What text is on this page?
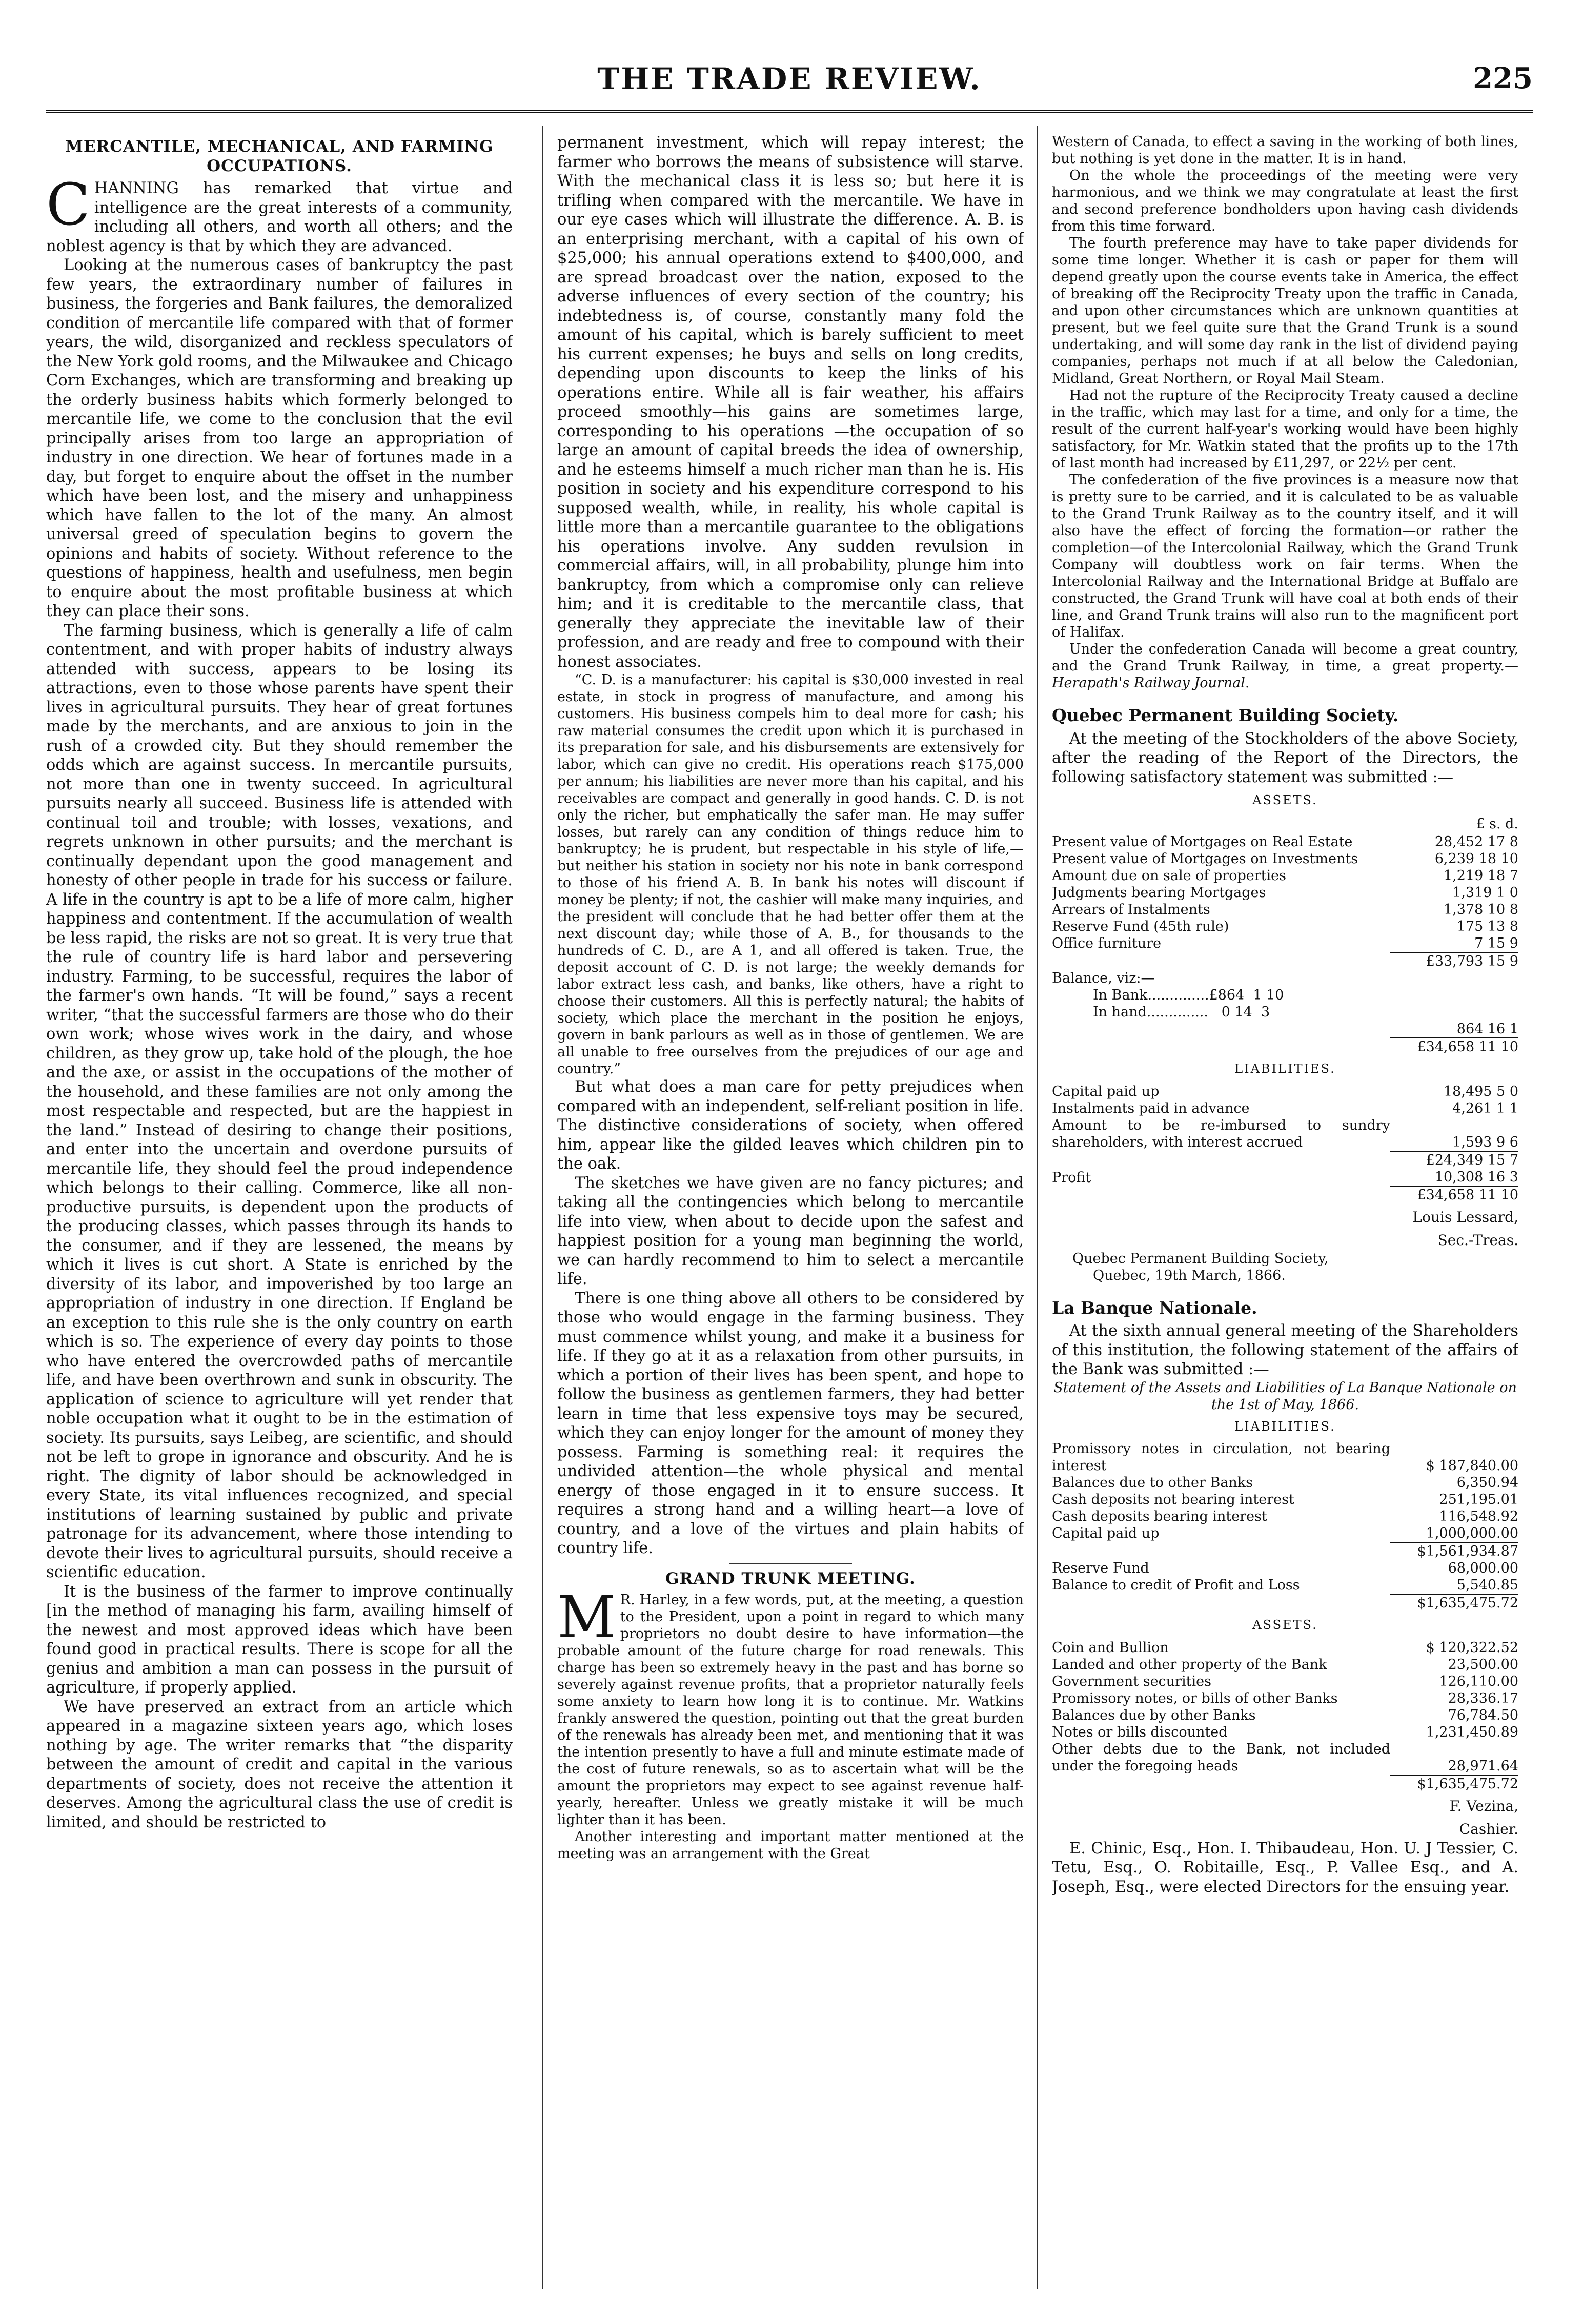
THE TRADE REVIEW.	225
MERCANTILE, MECHANICAL, AND FARMING OCCUPATIONS.

CHANNING has remarked that virtue and intelligence are the great interests of a community, including all others, and worth all others; and the noblest agency is that by which they are advanced.

Looking at the numerous cases of bankruptcy the past few years, the extraordinary number of failures in business, the forgeries and Bank failures, the demoralized condition of mercantile life compared with that of former years, the wild, disorganized and reckless speculators of the New York gold rooms, and the Milwaukee and Chicago Corn Exchanges, which are transforming and breaking up the orderly business habits which formerly belonged to mercantile life, we come to the conclusion that the evil principally arises from too large an appropriation of industry in one direction. We hear of fortunes made in a day, but forget to enquire about the offset in the number which have been lost, and the misery and unhappiness which have fallen to the lot of the many. An almost universal greed of speculation begins to govern the opinions and habits of society. Without reference to the questions of happiness, health and usefulness, men begin to enquire about the most profitable business at which they can place their sons.

The farming business, which is generally a life of calm contentment, and with proper habits of industry always attended with success, appears to be losing its attractions, even to those whose parents have spent their lives in agricultural pursuits. They hear of great fortunes made by the merchants, and are anxious to join in the rush of a crowded city. But they should remember the odds which are against success. In mercantile pursuits, not more than one in twenty succeed. In agricultural pursuits nearly all succeed. Business life is attended with continual toil and trouble; with losses, vexations, and regrets unknown in other pursuits; and the merchant is continually dependant upon the good management and honesty of other people in trade for his success or failure. A life in the country is apt to be a life of more calm, higher happiness and contentment. If the accumulation of wealth be less rapid, the risks are not so great. It is very true that the rule of country life is hard labor and persevering industry. Farming, to be successful, requires the labor of the farmer's own hands. “It will be found,” says a recent writer, “that the successful farmers are those who do their own work; whose wives work in the dairy, and whose children, as they grow up, take hold of the plough, the hoe and the axe, or assist in the occupations of the mother of the household, and these families are not only among the most respectable and respected, but are the happiest in the land.” Instead of desiring to change their positions, and enter into the uncertain and overdone pursuits of mercantile life, they should feel the proud independence which belongs to their calling. Commerce, like all non-productive pursuits, is dependent upon the products of the producing classes, which passes through its hands to the consumer, and if they are lessened, the means by which it lives is cut short. A State is enriched by the diversity of its labor, and impoverished by too large an appropriation of industry in one direction. If England be an exception to this rule she is the only country on earth which is so. The experience of every day points to those who have entered the overcrowded paths of mercantile life, and have been overthrown and sunk in obscurity. The application of science to agriculture will yet render that noble occupation what it ought to be in the estimation of society. Its pursuits, says Leibeg, are scientific, and should not be left to grope in ignorance and obscurity. And he is right. The dignity of labor should be acknowledged in every State, its vital influences recognized, and special institutions of learning sustained by public and private patronage for its advancement, where those intending to devote their lives to agricultural pursuits, should receive a scientific education.

It is the business of the farmer to improve continually [in the method of managing his farm, availing himself of the newest and most approved ideas which have been found good in practical results. There is scope for all the genius and ambition a man can possess in the pursuit of agriculture, if properly applied.

We have preserved an extract from an article which appeared in a magazine sixteen years ago, which loses nothing by age. The writer remarks that “the disparity between the amount of credit and capital in the various departments of society, does not receive the attention it deserves. Among the agricultural class the use of credit is limited, and should be restricted to

permanent investment, which will repay interest; the farmer who borrows the means of subsistence will starve. With the mechanical class it is less so; but here it is trifling when compared with the mercantile. We have in our eye cases which will illustrate the difference. A. B. is an enterprising merchant, with a capital of his own of $25,000; his annual operations extend to $400,000, and are spread broadcast over the nation, exposed to the adverse influences of every section of the country; his indebtedness is, of course, constantly many fold the amount of his capital, which is barely sufficient to meet his current expenses; he buys and sells on long credits, depending upon discounts to keep the links of his operations entire. While all is fair weather, his affairs proceed smoothly—his gains are sometimes large, corresponding to his operations —the occupation of so large an amount of capital breeds the idea of ownership, and he esteems himself a much richer man than he is. His position in society and his expenditure correspond to his supposed wealth, while, in reality, his whole capital is little more than a mercantile guarantee to the obligations his operations involve. Any sudden revulsion in commercial affairs, will, in all probability, plunge him into bankruptcy, from which a compromise only can relieve him; and it is creditable to the mercantile class, that generally they appreciate the inevitable law of their profession, and are ready and free to compound with their honest associates.

“C. D. is a manufacturer: his capital is $30,000 invested in real estate, in stock in progress of manufacture, and among his customers. His business compels him to deal more for cash; his raw material consumes the credit upon which it is purchased in its preparation for sale, and his disbursements are extensively for labor, which can give no credit. His operations reach $175,000 per annum; his liabilities are never more than his capital, and his receivables are compact and generally in good hands. C. D. is not only the richer, but emphatically the safer man. He may suffer losses, but rarely can any condition of things reduce him to bankruptcy; he is prudent, but respectable in his style of life,—but neither his station in society nor his note in bank correspond to those of his friend A. B. In bank his notes will discount if money be plenty; if not, the cashier will make many inquiries, and the president will conclude that he had better offer them at the next discount day; while those of A. B., for thousands to the hundreds of C. D., are A 1, and all offered is taken. True, the deposit account of C. D. is not large; the weekly demands for labor extract less cash, and banks, like others, have a right to choose their customers. All this is perfectly natural; the habits of society, which place the merchant in the position he enjoys, govern in bank parlours as well as in those of gentlemen. We are all unable to free ourselves from the prejudices of our age and country.”

But what does a man care for petty prejudices when compared with an independent, self-reliant position in life. The distinctive considerations of society, when offered him, appear like the gilded leaves which children pin to the oak.

The sketches we have given are no fancy pictures; and taking all the contingencies which belong to mercantile life into view, when about to decide upon the safest and happiest position for a young man beginning the world, we can hardly recommend to him to select a mercantile life.

There is one thing above all others to be considered by those who would engage in the farming business. They must commence whilst young, and make it a business for life. If they go at it as a relaxation from other pursuits, in which a portion of their lives has been spent, and hope to follow the business as gentlemen farmers, they had better learn in time that less expensive toys may be secured, which they can enjoy longer for the amount of money they possess. Farming is something real: it requires the undivided attention—the whole physical and mental energy of those engaged in it to ensure success. It requires a strong hand and a willing heart—a love of country, and a love of the virtues and plain habits of country life.

GRAND TRUNK MEETING.

M R. Harley, in a few words, put, at the meeting, a question to the President, upon a point in regard to which many proprietors no doubt desire to have information—the probable amount of the future charge for road renewals. This charge has been so extremely heavy in the past and has borne so severely against revenue profits, that a proprietor naturally feels some anxiety to learn how long it is to continue. Mr. Watkins frankly answered the question, pointing out that the great burden of the renewals has already been met, and mentioning that it was the intention presently to have a full and minute estimate made of the cost of future renewals, so as to ascertain what will be the amount the proprietors may expect to see against revenue half-yearly, hereafter. Unless we greatly mistake it will be much lighter than it has been.

Another interesting and important matter mentioned at the meeting was an arrangement with the Great

Western of Canada, to effect a saving in the working of both lines, but nothing is yet done in the matter. It is in hand.

On the whole the proceedings of the meeting were very harmonious, and we think we may congratulate at least the first and second preference bondholders upon having cash dividends from this time forward.

The fourth preference may have to take paper dividends for some time longer. Whether it is cash or paper for them will depend greatly upon the course events take in America, the effect of breaking off the Reciprocity Treaty upon the traffic in Canada, and upon other circumstances which are unknown quantities at present, but we feel quite sure that the Grand Trunk is a sound undertaking, and will some day rank in the list of dividend paying companies, perhaps not much if at all below the Caledonian, Midland, Great Northern, or Royal Mail Steam.

Had not the rupture of the Reciprocity Treaty caused a decline in the traffic, which may last for a time, and only for a time, the result of the current half-year's working would have been highly satisfactory, for Mr. Watkin stated that the profits up to the 17th of last month had increased by £11,297, or 22½ per cent.

The confederation of the five provinces is a measure now that is pretty sure to be carried, and it is calculated to be as valuable to the Grand Trunk Railway as to the country itself, and it will also have the effect of forcing the formation—or rather the completion—of the Intercolonial Railway, which the Grand Trunk Company will doubtless work on fair terms. When the Intercolonial Railway and the International Bridge at Buffalo are constructed, the Grand Trunk will have coal at both ends of their line, and Grand Trunk trains will also run to the magnificent port of Halifax.

Under the confederation Canada will become a great country, and the Grand Trunk Railway, in time, a great property.—Herapath's Railway Journal.

Quebec Permanent Building Society.

At the meeting of the Stockholders of the above Society, after the reading of the Report of the Directors, the following satisfactory statement was submitted :—

ASSETS.
£ s. d.
Present value of Mortgages on Real Estate	28,452 17 8
Present value of Mortgages on Investments	6,239 18 10
Amount due on sale of properties	1,219 18 7
Judgments bearing Mortgages	1,319 1 0
Arrears of Instalments	1,378 10 8
Reserve Fund (45th rule)	175 13 8
Office furniture	7 15 9
	£33,793 15 9
Balance, viz:—
In Bank..............£864  1 10
In hand..............   0 14  3
	864 16 1
	£34,658 11 10
LIABILITIES.
Capital paid up	18,495 5 0
Instalments paid in advance	4,261 1 1
Amount to be re-imbursed to sundry shareholders, with interest accrued	1,593 9 6
	£24,349 15 7
Profit	10,308 16 3
	£34,658 11 10
Louis Lessard,
Sec.-Treas.
Quebec Permanent Building Society,
Quebec, 19th March, 1866.
La Banque Nationale.

At the sixth annual general meeting of the Shareholders of this institution, the following statement of the affairs of the Bank was submitted :—

Statement of the Assets and Liabilities of La Banque Nationale on the 1st of May, 1866.
LIABILITIES.
Promissory notes in circulation, not bearing interest	$ 187,840.00
Balances due to other Banks	6,350.94
Cash deposits not bearing interest	251,195.01
Cash deposits bearing interest	116,548.92
Capital paid up	1,000,000.00
	$1,561,934.87
Reserve Fund	68,000.00
Balance to credit of Profit and Loss	5,540.85
	$1,635,475.72
ASSETS.
Coin and Bullion	$ 120,322.52
Landed and other property of the Bank	23,500.00
Government securities	126,110.00
Promissory notes, or bills of other Banks	28,336.17
Balances due by other Banks	76,784.50
Notes or bills discounted	1,231,450.89
Other debts due to the Bank, not included under the foregoing heads	28,971.64
	$1,635,475.72
F. Vezina,
Cashier.

E. Chinic, Esq., Hon. I. Thibaudeau, Hon. U. J Tessier, C. Tetu, Esq., O. Robitaille, Esq., P. Vallee Esq., and A. Joseph, Esq., were elected Directors for the ensuing year.
